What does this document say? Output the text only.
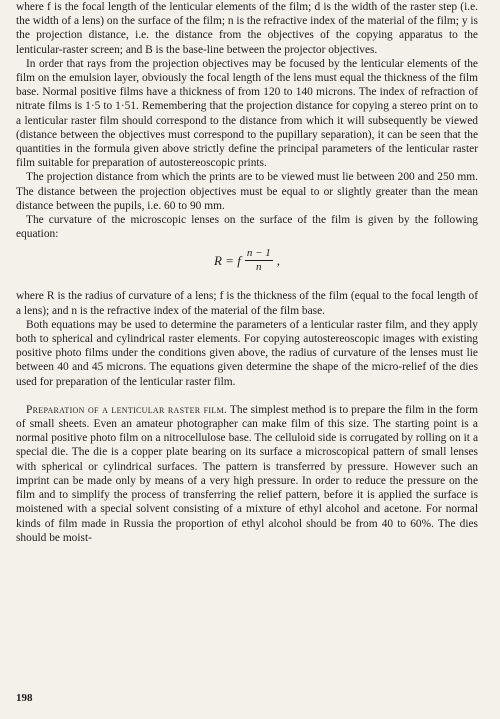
where f is the focal length of the lenticular elements of the film; d is the width of the raster step (i.e. the width of a lens) on the surface of the film; n is the refractive index of the material of the film; y is the projection distance, i.e. the distance from the objectives of the copying apparatus to the lenticular-raster screen; and B is the base-line between the projector objectives.

In order that rays from the projection objectives may be focused by the lenticular elements of the film on the emulsion layer, obviously the focal length of the lens must equal the thickness of the film base. Normal positive films have a thickness of from 120 to 140 microns. The index of refraction of nitrate films is 1·5 to 1·51. Remembering that the projection distance for copying a stereo print on to a lenticular raster film should correspond to the distance from which it will subsequently be viewed (distance between the objectives must correspond to the pupillary separation), it can be seen that the quantities in the formula given above strictly define the principal parameters of the lenticular raster film suitable for preparation of autostereoscopic prints.

The projection distance from which the prints are to be viewed must lie between 200 and 250 mm. The distance between the projection objectives must be equal to or slightly greater than the mean distance between the pupils, i.e. 60 to 90 mm.

The curvature of the microscopic lenses on the surface of the film is given by the following equation:

R = f $\frac{n - 1}{n}$ ,

where R is the radius of curvature of a lens; f is the thickness of the film (equal to the focal length of a lens); and n is the refractive index of the material of the film base.

Both equations may be used to determine the parameters of a lenticular raster film, and they apply both to spherical and cylindrical raster elements. For copying autostereoscopic images with existing positive photo films under the conditions given above, the radius of curvature of the lenses must lie between 40 and 45 microns. The equations given determine the shape of the micro-relief of the dies used for preparation of the lenticular raster film.

Preparation of a lenticular raster film. The simplest method is to prepare the film in the form of small sheets. Even an amateur photographer can make film of this size. The starting point is a normal positive photo film on a nitrocellulose base. The celluloid side is corrugated by rolling on it a special die. The die is a copper plate bearing on its surface a microscopical pattern of small lenses with spherical or cylindrical surfaces. The pattern is transferred by pressure. However such an imprint can be made only by means of a very high pressure. In order to reduce the pressure on the film and to simplify the process of transferring the relief pattern, before it is applied the surface is moistened with a special solvent consisting of a mixture of ethyl alcohol and acetone. For normal kinds of film made in Russia the proportion of ethyl alcohol should be from 40 to 60%. The dies should be moist-

198
